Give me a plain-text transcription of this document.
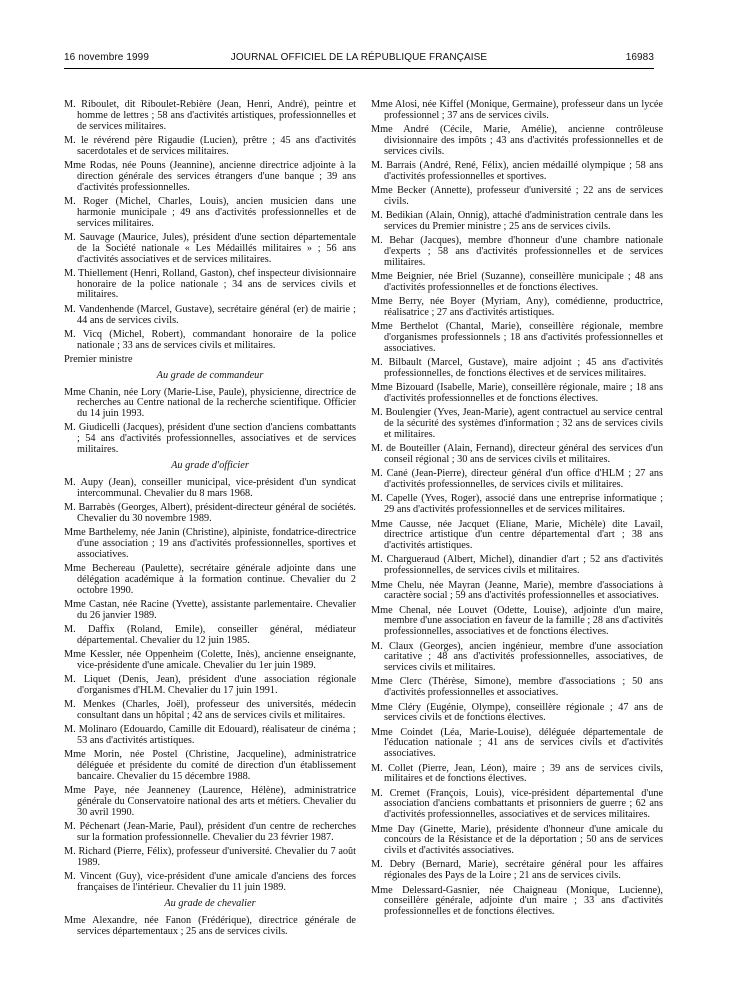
16 novembre 1999	JOURNAL OFFICIEL DE LA RÉPUBLIQUE FRANÇAISE	16983
M. Riboulet, dit Riboulet-Rebière (Jean, Henri, André), peintre et homme de lettres ; 58 ans d'activités artistiques, professionnelles et de services militaires.
M. le révérend père Rigaudie (Lucien), prêtre ; 45 ans d'activités sacerdotales et de services militaires.
Mme Rodas, née Pouns (Jeannine), ancienne directrice adjointe à la direction générale des services étrangers d'une banque ; 39 ans d'activités professionnelles.
M. Roger (Michel, Charles, Louis), ancien musicien dans une harmonie municipale ; 49 ans d'activités professionnelles et de services militaires.
M. Sauvage (Maurice, Jules), président d'une section départementale de la Société nationale « Les Médaillés militaires » ; 56 ans d'activités associatives et de services militaires.
M. Thiellement (Henri, Rolland, Gaston), chef inspecteur divisionnaire honoraire de la police nationale ; 34 ans de services civils et militaires.
M. Vandenhende (Marcel, Gustave), secrétaire général (er) de mairie ; 44 ans de services civils.
M. Vicq (Michel, Robert), commandant honoraire de la police nationale ; 33 ans de services civils et militaires.
Premier ministre
Au grade de commandeur
Mme Chanin, née Lory (Marie-Lise, Paule), physicienne, directrice de recherches au Centre national de la recherche scientifique. Officier du 14 juin 1993.
M. Giudicelli (Jacques), président d'une section d'anciens combattants ; 54 ans d'activités professionnelles, associatives et de services militaires.
Au grade d'officier
M. Aupy (Jean), conseiller municipal, vice-président d'un syndicat intercommunal. Chevalier du 8 mars 1968.
M. Barrabès (Georges, Albert), président-directeur général de sociétés. Chevalier du 30 novembre 1989.
Mme Barthelemy, née Janin (Christine), alpiniste, fondatrice-directrice d'une association ; 19 ans d'activités professionnelles, sportives et associatives.
Mme Bechereau (Paulette), secrétaire générale adjointe dans une délégation académique à la formation continue. Chevalier du 2 octobre 1990.
Mme Castan, née Racine (Yvette), assistante parlementaire. Chevalier du 26 janvier 1989.
M. Daffix (Roland, Emile), conseiller général, médiateur départemental. Chevalier du 12 juin 1985.
Mme Kessler, née Oppenheim (Colette, Inès), ancienne enseignante, vice-présidente d'une amicale. Chevalier du 1er juin 1989.
M. Liquet (Denis, Jean), président d'une association régionale d'organismes d'HLM. Chevalier du 17 juin 1991.
M. Menkes (Charles, Joël), professeur des universités, médecin consultant dans un hôpital ; 42 ans de services civils et militaires.
M. Molinaro (Edouardo, Camille dit Edouard), réalisateur de cinéma ; 53 ans d'activités artistiques.
Mme Morin, née Postel (Christine, Jacqueline), administratrice déléguée et présidente du comité de direction d'un établissement bancaire. Chevalier du 15 décembre 1988.
Mme Paye, née Jeanneney (Laurence, Hélène), administratrice générale du Conservatoire national des arts et métiers. Chevalier du 30 avril 1990.
M. Péchenart (Jean-Marie, Paul), président d'un centre de recherches sur la formation professionnelle. Chevalier du 23 février 1987.
M. Richard (Pierre, Félix), professeur d'université. Chevalier du 7 août 1989.
M. Vincent (Guy), vice-président d'une amicale d'anciens des forces françaises de l'intérieur. Chevalier du 11 juin 1989.
Au grade de chevalier
Mme Alexandre, née Fanon (Frédérique), directrice générale de services départementaux ; 25 ans de services civils.
Mme Alosi, née Kiffel (Monique, Germaine), professeur dans un lycée professionnel ; 37 ans de services civils.
Mme André (Cécile, Marie, Amélie), ancienne contrôleuse divisionnaire des impôts ; 43 ans d'activités professionnelles et de services civils.
M. Barrais (André, René, Félix), ancien médaillé olympique ; 58 ans d'activités professionnelles et sportives.
Mme Becker (Annette), professeur d'université ; 22 ans de services civils.
M. Bedikian (Alain, Onnig), attaché d'administration centrale dans les services du Premier ministre ; 25 ans de services civils.
M. Behar (Jacques), membre d'honneur d'une chambre nationale d'experts ; 58 ans d'activités professionnelles et de services militaires.
Mme Beignier, née Briel (Suzanne), conseillère municipale ; 48 ans d'activités professionnelles et de fonctions électives.
Mme Berry, née Boyer (Myriam, Any), comédienne, productrice, réalisatrice ; 27 ans d'activités artistiques.
Mme Berthelot (Chantal, Marie), conseillère régionale, membre d'organismes professionnels ; 18 ans d'activités professionnelles et associatives.
M. Bilbault (Marcel, Gustave), maire adjoint ; 45 ans d'activités professionnelles, de fonctions électives et de services militaires.
Mme Bizouard (Isabelle, Marie), conseillère régionale, maire ; 18 ans d'activités professionnelles et de fonctions électives.
M. Boulengier (Yves, Jean-Marie), agent contractuel au service central de la sécurité des systèmes d'information ; 32 ans de services civils et militaires.
M. de Bouteiller (Alain, Fernand), directeur général des services d'un conseil régional ; 30 ans de services civils et militaires.
M. Cané (Jean-Pierre), directeur général d'un office d'HLM ; 27 ans d'activités professionnelles, de services civils et militaires.
M. Capelle (Yves, Roger), associé dans une entreprise informatique ; 29 ans d'activités professionnelles et de services militaires.
Mme Causse, née Jacquet (Eliane, Marie, Michèle) dite Lavail, directrice artistique d'un centre départemental d'art ; 38 ans d'activités artistiques.
M. Chargueraud (Albert, Michel), dinandier d'art ; 52 ans d'activités professionnelles, de services civils et militaires.
Mme Chelu, née Mayran (Jeanne, Marie), membre d'associations à caractère social ; 59 ans d'activités professionnelles et associatives.
Mme Chenal, née Louvet (Odette, Louise), adjointe d'un maire, membre d'une association en faveur de la famille ; 28 ans d'activités professionnelles, associatives et de fonctions électives.
M. Claux (Georges), ancien ingénieur, membre d'une association caritative ; 48 ans d'activités professionnelles, associatives, de services civils et militaires.
Mme Clerc (Thérèse, Simone), membre d'associations ; 50 ans d'activités professionnelles et associatives.
Mme Cléry (Eugénie, Olympe), conseillère régionale ; 47 ans de services civils et de fonctions électives.
Mme Coindet (Léa, Marie-Louise), déléguée départementale de l'éducation nationale ; 41 ans de services civils et d'activités associatives.
M. Collet (Pierre, Jean, Léon), maire ; 39 ans de services civils, militaires et de fonctions électives.
M. Cremet (François, Louis), vice-président départemental d'une association d'anciens combattants et prisonniers de guerre ; 62 ans d'activités professionnelles, associatives et de services militaires.
Mme Day (Ginette, Marie), présidente d'honneur d'une amicale du concours de la Résistance et de la déportation ; 50 ans de services civils et d'activités associatives.
M. Debry (Bernard, Marie), secrétaire général pour les affaires régionales des Pays de la Loire ; 21 ans de services civils.
Mme Delessard-Gasnier, née Chaigneau (Monique, Lucienne), conseillère générale, adjointe d'un maire ; 33 ans d'activités professionnelles et de fonctions électives.
